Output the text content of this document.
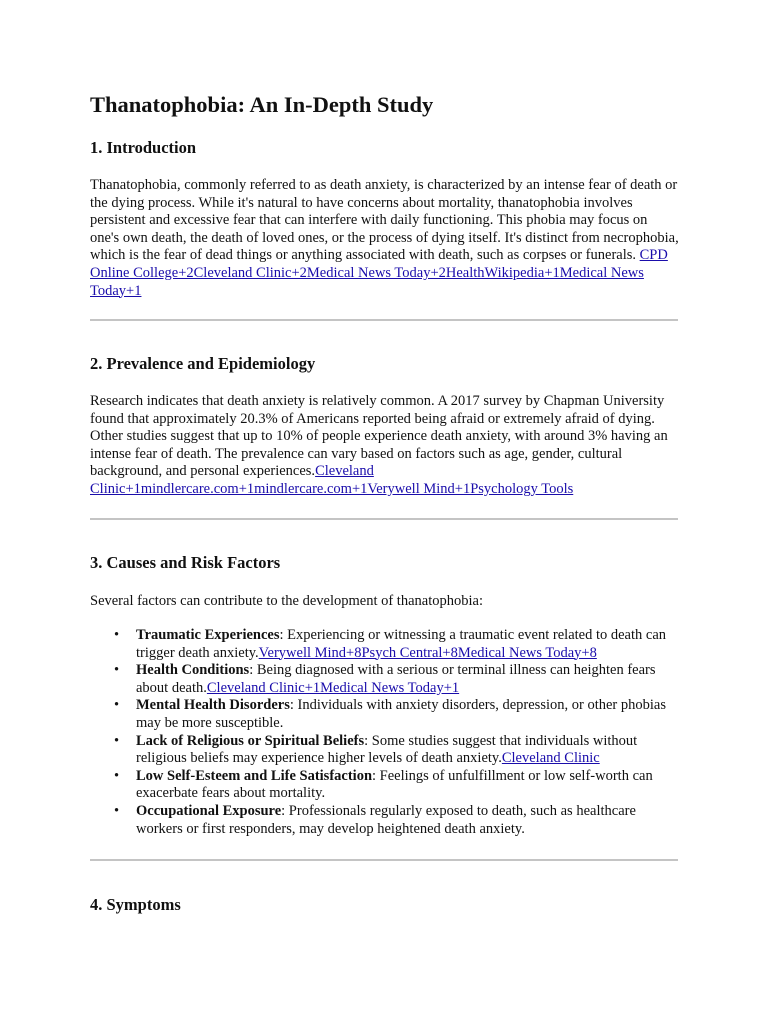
Thanatophobia: An In-Depth Study
1. Introduction

Thanatophobia, commonly referred to as death anxiety, is characterized by an intense fear of death or the dying process. While it's natural to have concerns about mortality, thanatophobia involves persistent and excessive fear that can interfere with daily functioning. This phobia may focus on one's own death, the death of loved ones, or the process of dying itself. It's distinct from necrophobia, which is the fear of dead things or anything associated with death, such as corpses or funerals. CPD Online College+2Cleveland Clinic+2Medical News Today+2HealthWikipedia+1Medical News Today+1

2. Prevalence and Epidemiology

Research indicates that death anxiety is relatively common. A 2017 survey by Chapman University found that approximately 20.3% of Americans reported being afraid or extremely afraid of dying. Other studies suggest that up to 10% of people experience death anxiety, with around 3% having an intense fear of death. The prevalence can vary based on factors such as age, gender, cultural background, and personal experiences.Cleveland Clinic+1mindlercare.com+1mindlercare.com+1Verywell Mind+1Psychology Tools

3. Causes and Risk Factors

Several factors can contribute to the development of thanatophobia:

• Traumatic Experiences: Experiencing or witnessing a traumatic event related to death can trigger death anxiety.Verywell Mind+8Psych Central+8Medical News Today+8
• Health Conditions: Being diagnosed with a serious or terminal illness can heighten fears about death.Cleveland Clinic+1Medical News Today+1
• Mental Health Disorders: Individuals with anxiety disorders, depression, or other phobias may be more susceptible.
• Lack of Religious or Spiritual Beliefs: Some studies suggest that individuals without religious beliefs may experience higher levels of death anxiety.Cleveland Clinic
• Low Self-Esteem and Life Satisfaction: Feelings of unfulfillment or low self-worth can exacerbate fears about mortality.
• Occupational Exposure: Professionals regularly exposed to death, such as healthcare workers or first responders, may develop heightened death anxiety.
4. Symptoms
